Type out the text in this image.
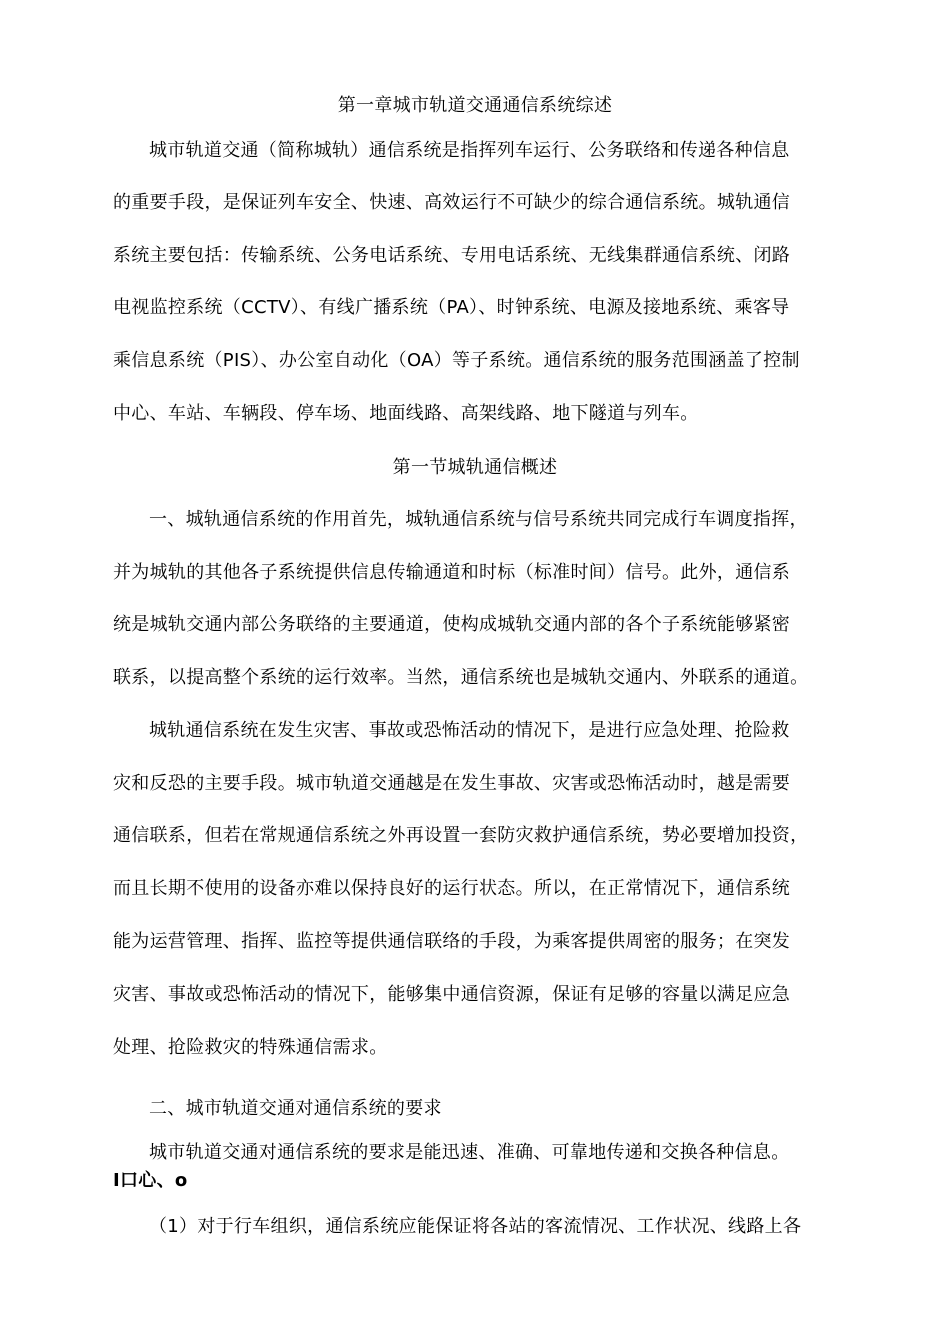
第一章城市轨道交通通信系统综述
城市轨道交通（简称城轨）通信系统是指挥列车运行、公务联络和传递各种信息
的重要手段，是保证列车安全、快速、高效运行不可缺少的综合通信系统。城轨通信
系统主要包括：传输系统、公务电话系统、专用电话系统、无线集群通信系统、闭路
电视监控系统（CCTV）、有线广播系统（PA）、时钟系统、电源及接地系统、乘客导
乘信息系统（PIS）、办公室自动化（OA）等子系统。通信系统的服务范围涵盖了控制
中心、车站、车辆段、停车场、地面线路、高架线路、地下隧道与列车。
第一节城轨通信概述
一、城轨通信系统的作用首先，城轨通信系统与信号系统共同完成行车调度指挥，
并为城轨的其他各子系统提供信息传输通道和时标（标准时间）信号。此外，通信系
统是城轨交通内部公务联络的主要通道，使构成城轨交通内部的各个子系统能够紧密
联系，以提高整个系统的运行效率。当然，通信系统也是城轨交通内、外联系的通道。
城轨通信系统在发生灾害、事故或恐怖活动的情况下，是进行应急处理、抢险救
灾和反恐的主要手段。城市轨道交通越是在发生事故、灾害或恐怖活动时，越是需要
通信联系，但若在常规通信系统之外再设置一套防灾救护通信系统，势必要增加投资，
而且长期不使用的设备亦难以保持良好的运行状态。所以，在正常情况下，通信系统
能为运营管理、指挥、监控等提供通信联络的手段，为乘客提供周密的服务；在突发
灾害、事故或恐怖活动的情况下，能够集中通信资源，保证有足够的容量以满足应急
处理、抢险救灾的特殊通信需求。
二、城市轨道交通对通信系统的要求
城市轨道交通对通信系统的要求是能迅速、准确、可靠地传递和交换各种信息。
I口心、o
（1）对于行车组织，通信系统应能保证将各站的客流情况、工作状况、线路上各
